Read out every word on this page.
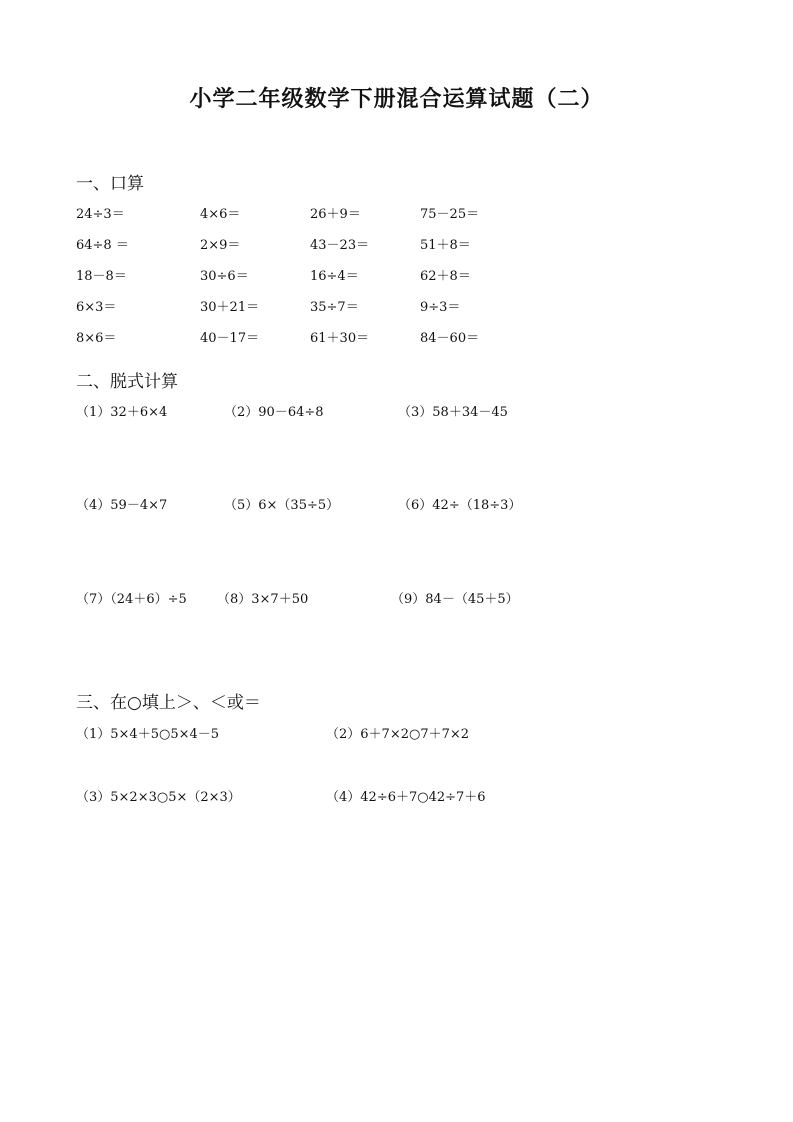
小学二年级数学下册混合运算试题（二）
一、口算
24÷3＝	4×6＝	26＋9＝	75－25＝
64÷8 ＝	2×9＝	43－23＝	51＋8＝
18－8＝	30÷6＝	16÷4＝	62＋8＝
6×3＝	30＋21＝	35÷7＝	9÷3＝
8×6＝	40－17＝	61＋30＝	84－60＝
二、脱式计算
（1）32＋6×4	（2）90－64÷8	（3）58＋34－45
（4）59－4×7	（5）6×（35÷5）	（6）42÷（18÷3）
（7）（24＋6）÷5 （8）3×7＋50	（9）84－（45＋5）
三、在○填上＞、＜或＝
（1）5×4＋5○5×4－5	（2）6＋7×2○7＋7×2
（3）5×2×3○5×（2×3）	（4）42÷6＋7○42÷7＋6
